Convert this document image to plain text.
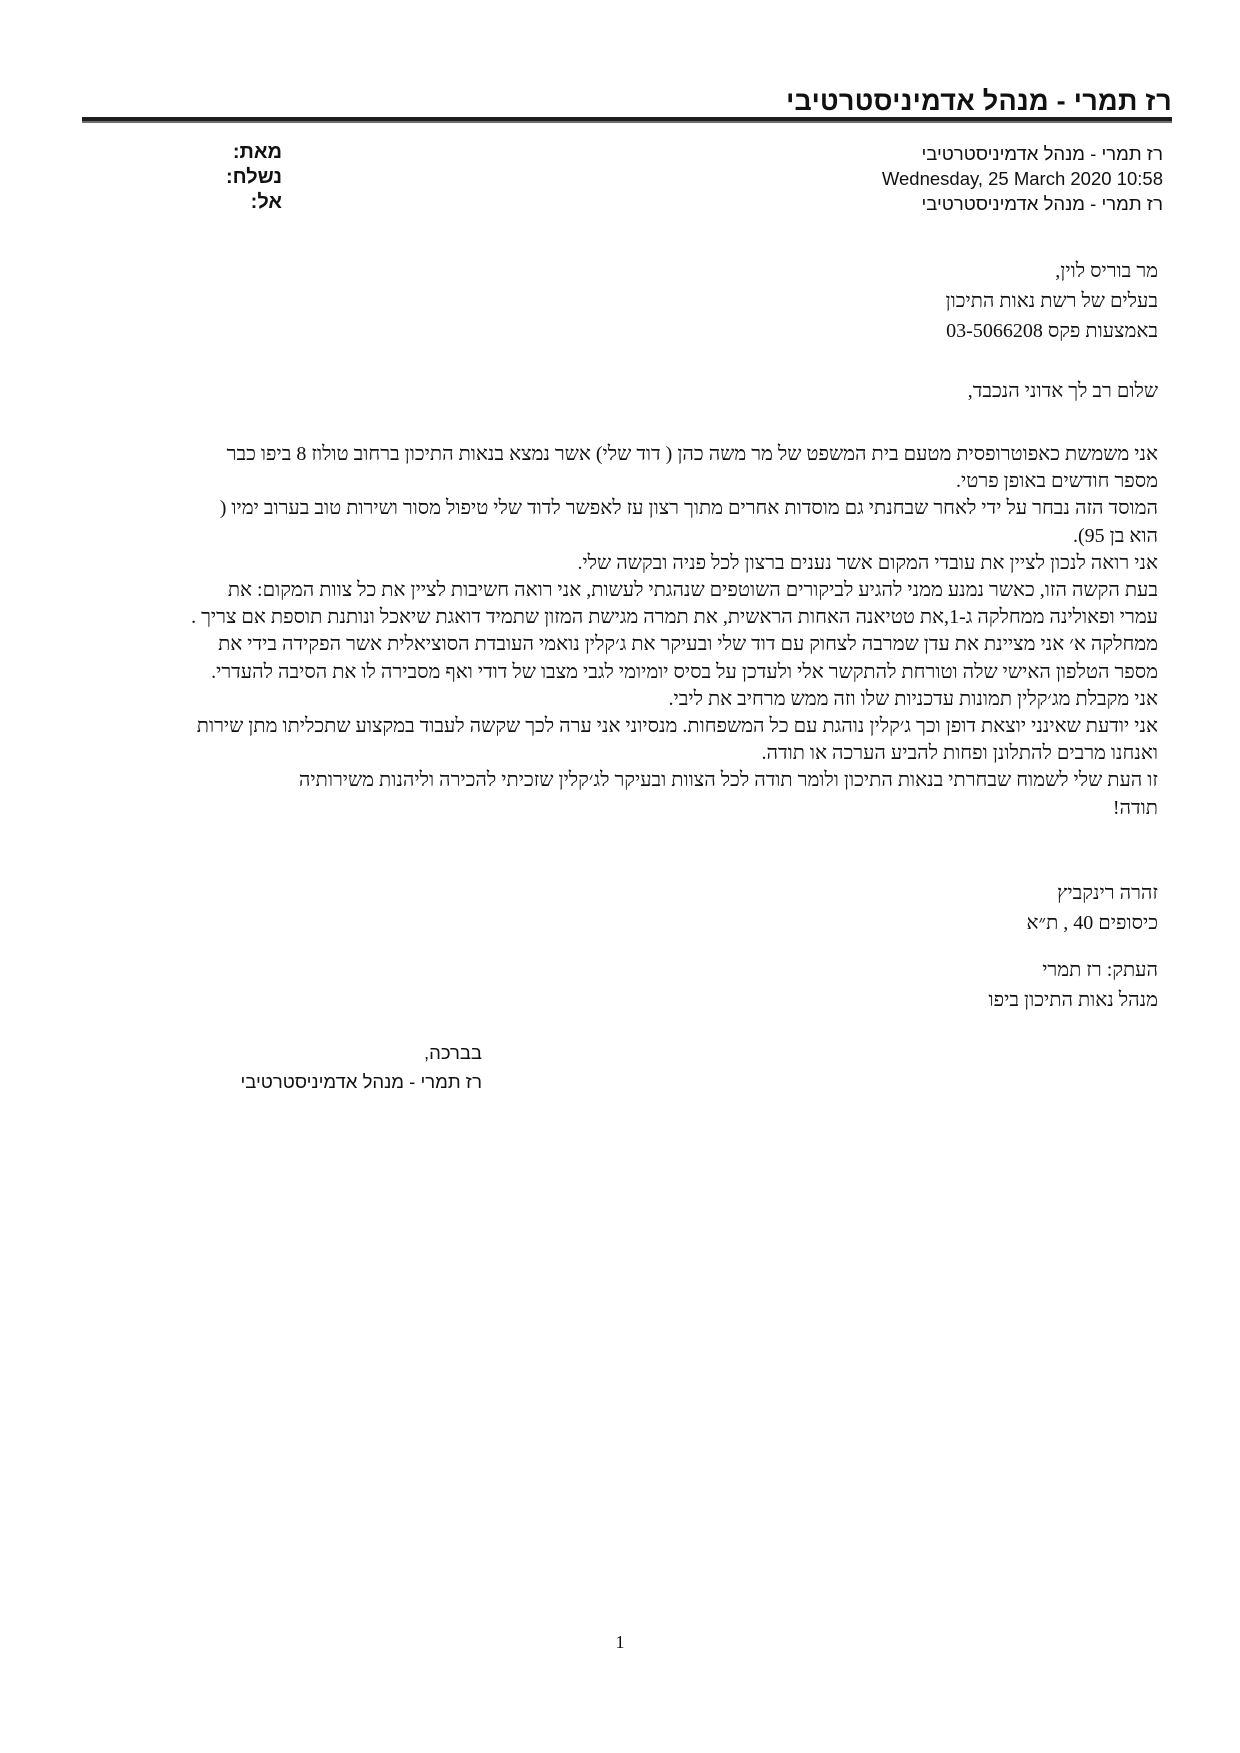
רז תמרי - מנהל אדמיניסטרטיבי
מאת:
נשלח:
אל:
רז תמרי - מנהל אדמיניסטרטיבי
Wednesday, 25 March 2020 10:58
רז תמרי - מנהל אדמיניסטרטיבי
מר בוריס לוין,
בעלים של רשת נאות התיכון
באמצעות פקס 03-5066208
שלום רב לך אדוני הנכבד,

אני משמשת כאפוטרופסית מטעם בית המשפט של מר משה כהן ( דוד שלי) אשר נמצא בנאות התיכון ברחוב טולוז 8 ביפו כבר

מספר חודשים באופן פרטי.

המוסד הזה נבחר על ידי לאחר שבחנתי גם מוסדות אחרים מתוך רצון עז לאפשר לדוד שלי טיפול מסור ושירות טוב בערוב ימיו (

הוא בן 95).

אני רואה לנכון לציין את עובדי המקום אשר נענים ברצון לכל פניה ובקשה שלי.

בעת הקשה הזו, כאשר נמנע ממני להגיע לביקורים השוטפים שנהגתי לעשות, אני רואה חשיבות לציין את כל צוות המקום: את

עמרי ופאולינה ממחלקה ג-1,את טטיאנה האחות הראשית, את תמרה מגישת המזון שתמיד דואגת שיאכל ונותנת תוספת אם צריך .

ממחלקה א׳ אני מציינת את עדן שמרבה לצחוק עם דוד שלי ובעיקר את ג׳קלין נואמי העובדת הסוציאלית אשר הפקידה בידי את

מספר הטלפון האישי שלה וטורחת להתקשר אלי ולעדכן על בסיס יומיומי לגבי מצבו של דודי ואף מסבירה לו את הסיבה להעדרי.

אני מקבלת מג׳קלין תמונות עדכניות שלו וזה ממש מרחיב את ליבי.

אני יודעת שאינני יוצאת דופן וכך ג׳קלין נוהגת עם כל המשפחות. מנסיוני אני ערה לכך שקשה לעבוד במקצוע שתכליתו מתן שירות

ואנחנו מרבים להתלונן ופחות להביע הערכה או תודה.

זו העת שלי לשמוח שבחרתי בנאות התיכון ולומר תודה לכל הצוות ובעיקר לג׳קלין שזכיתי להכירה וליהנות משירותיה

תודה!

זהרה רינקביץ
כיסופים 40 , ת״א
העתק: רז תמרי
מנהל נאות התיכון ביפו
בברכה,
רז תמרי - מנהל אדמיניסטרטיבי
1
